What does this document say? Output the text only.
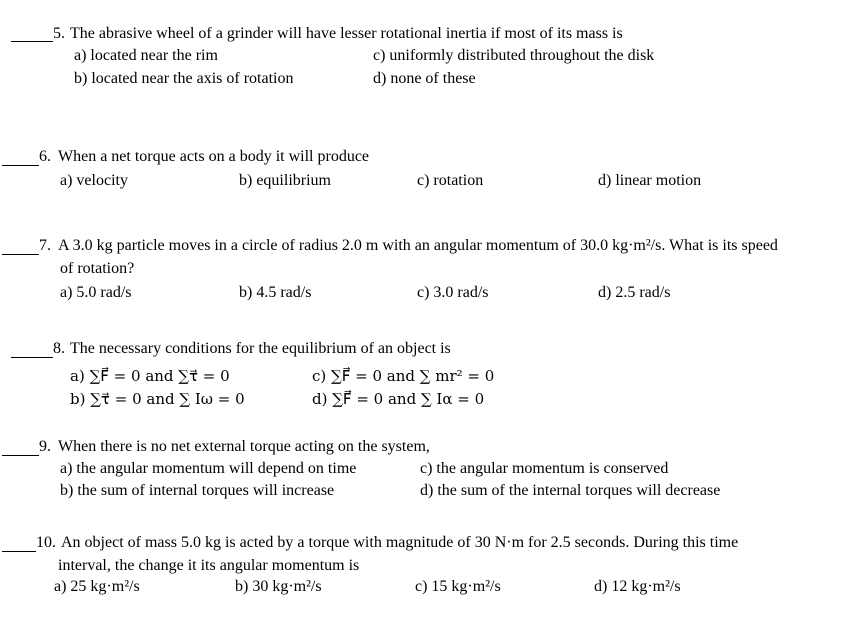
5. The abrasive wheel of a grinder will have lesser rotational inertia if most of its mass is
a) located near the rim
b) located near the axis of rotation
c) uniformly distributed throughout the disk
d) none of these
6. When a net torque acts on a body it will produce
a) velocity	b) equilibrium	c) rotation	d) linear motion
7. A 3.0 kg particle moves in a circle of radius 2.0 m with an angular momentum of 30.0 kg·m²/s. What is its speed
of rotation?
a) 5.0 rad/s	b) 4.5 rad/s	c) 3.0 rad/s	d) 2.5 rad/s
8. The necessary conditions for the equilibrium of an object is
a) ∑F⃗ = 0 and ∑τ⃗ = 0
b) ∑τ⃗ = 0 and ∑ Iω = 0
c) ∑F⃗ = 0 and ∑ mr² = 0
d) ∑F⃗ = 0 and ∑ Iα = 0
9. When there is no net external torque acting on the system,
a) the angular momentum will depend on time
b) the sum of internal torques will increase
c) the angular momentum is conserved
d) the sum of the internal torques will decrease
10. An object of mass 5.0 kg is acted by a torque with magnitude of 30 N·m for 2.5 seconds. During this time
interval, the change it its angular momentum is
a) 25 kg·m²/s	b) 30 kg·m²/s	c) 15 kg·m²/s	d) 12 kg·m²/s
